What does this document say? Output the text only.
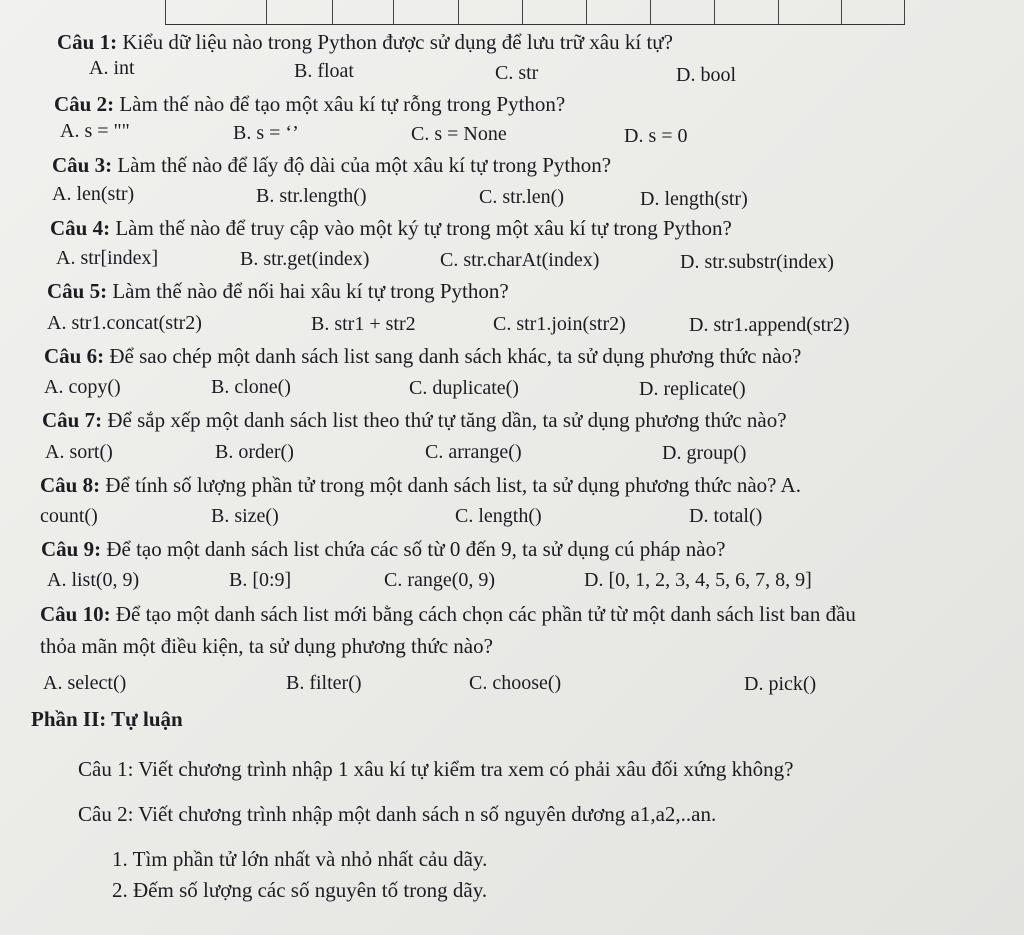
Câu 1: Kiểu dữ liệu nào trong Python được sử dụng để lưu trữ xâu kí tự?
A. int	B. float	C. str	D. bool
Câu 2: Làm thế nào để tạo một xâu kí tự rỗng trong Python?
A. s = ""	B. s = ‘’	C. s = None	D. s = 0
Câu 3: Làm thế nào để lấy độ dài của một xâu kí tự trong Python?
A. len(str)	B. str.length()	C. str.len()	D. length(str)
Câu 4: Làm thế nào để truy cập vào một ký tự trong một xâu kí tự trong Python?
A. str[index]	B. str.get(index)	C. str.charAt(index)	D. str.substr(index)
Câu 5: Làm thế nào để nối hai xâu kí tự trong Python?
A. str1.concat(str2)	B. str1 + str2	C. str1.join(str2)	D. str1.append(str2)
Câu 6: Để sao chép một danh sách list sang danh sách khác, ta sử dụng phương thức nào?
A. copy()	B. clone()	C. duplicate()	D. replicate()
Câu 7: Để sắp xếp một danh sách list theo thứ tự tăng dần, ta sử dụng phương thức nào?
A. sort()	B. order()	C. arrange()	D. group()
Câu 8: Để tính số lượng phần tử trong một danh sách list, ta sử dụng phương thức nào? A.
count()	B. size()	C. length()	D. total()
Câu 9: Để tạo một danh sách list chứa các số từ 0 đến 9, ta sử dụng cú pháp nào?
A. list(0, 9)	B. [0:9]	C. range(0, 9)	D. [0, 1, 2, 3, 4, 5, 6, 7, 8, 9]
Câu 10: Để tạo một danh sách list mới bằng cách chọn các phần tử từ một danh sách list ban đầu
thỏa mãn một điều kiện, ta sử dụng phương thức nào?
A. select()	B. filter()	C. choose()	D. pick()
Phần II: Tự luận
Câu 1: Viết chương trình nhập 1 xâu kí tự kiểm tra xem có phải xâu đối xứng không?
Câu 2: Viết chương trình nhập một danh sách n số nguyên dương a1,a2,..an.
1. Tìm phần tử lớn nhất và nhỏ nhất cảu dãy.
2. Đếm số lượng các số nguyên tố trong dãy.
